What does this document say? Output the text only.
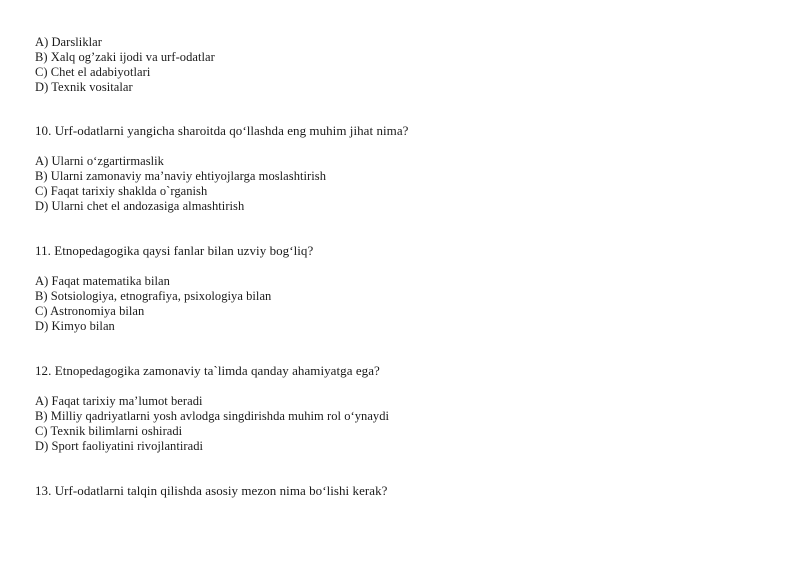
A) Darsliklar
B) Xalq og’zaki ijodi va urf-odatlar
C) Chet el adabiyotlari
D) Texnik vositalar
10. Urf-odatlarni yangicha sharoitda qo‘llashda eng muhim jihat nima?
A) Ularni o‘zgartirmaslik
B) Ularni zamonaviy ma’naviy ehtiyojlarga moslashtirish
C) Faqat tarixiy shaklda o`rganish
D) Ularni chet el andozasiga almashtirish
11. Etnopedagogika qaysi fanlar bilan uzviy bog‘liq?
A) Faqat matematika bilan
B) Sotsiologiya, etnografiya, psixologiya bilan
C) Astronomiya bilan
D) Kimyo bilan
12. Etnopedagogika zamonaviy ta`limda qanday ahamiyatga ega?
A) Faqat tarixiy ma’lumot beradi
B) Milliy qadriyatlarni yosh avlodga singdirishda muhim rol o‘ynaydi
C) Texnik bilimlarni oshiradi
D) Sport faoliyatini rivojlantiradi
13. Urf-odatlarni talqin qilishda asosiy mezon nima bo‘lishi kerak?
